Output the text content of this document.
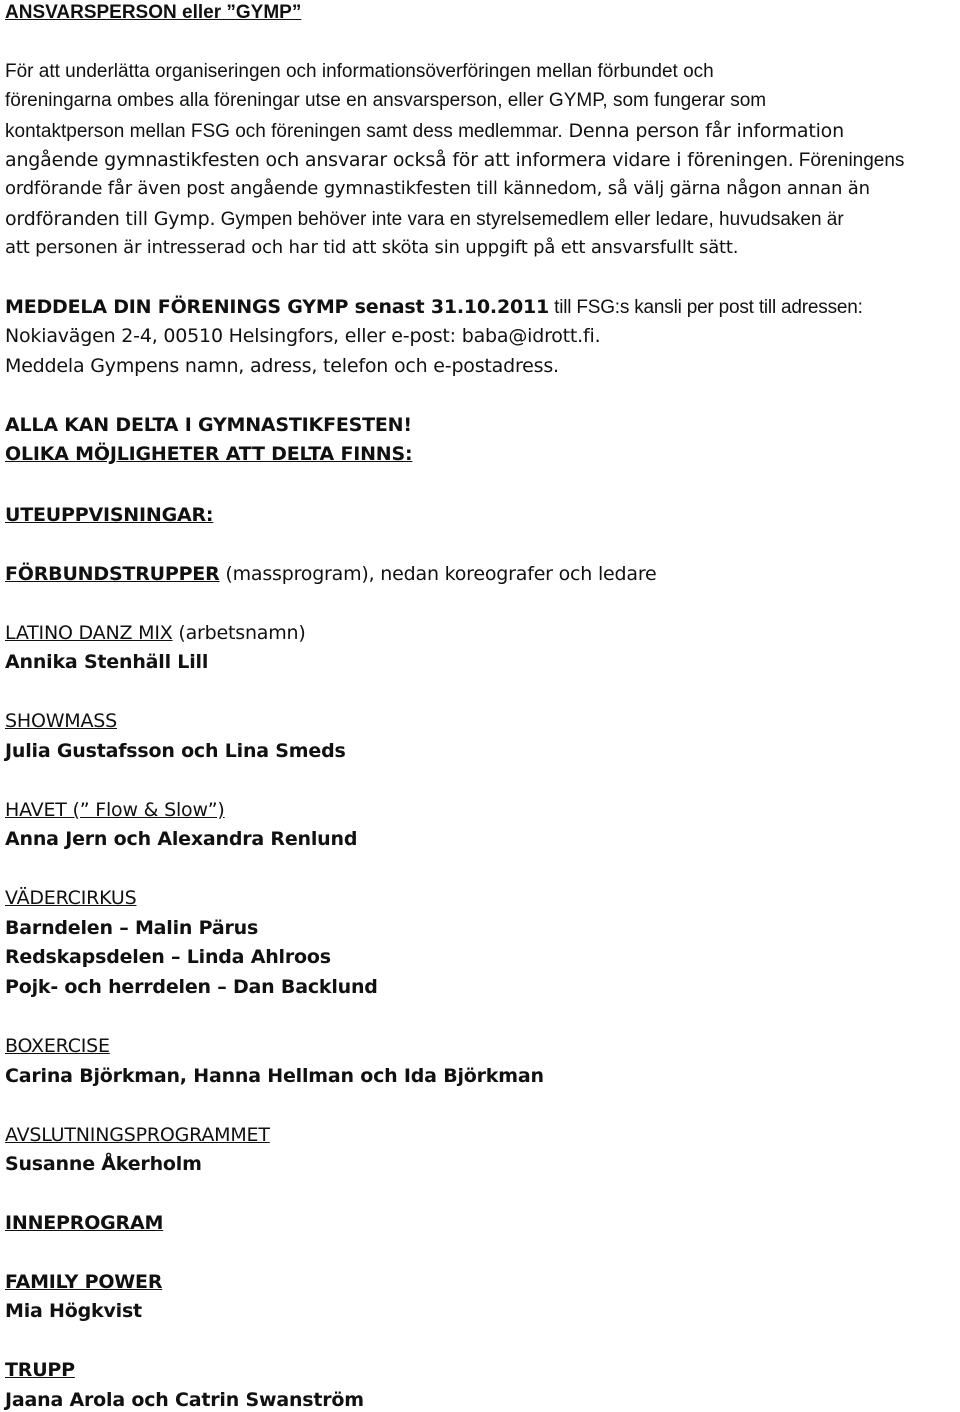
ANSVARSPERSON eller ”GYMP”
För att underlätta organiseringen och informationsöverföringen mellan förbundet och
föreningarna ombes alla föreningar utse en ansvarsperson, eller GYMP, som fungerar som
kontaktperson mellan FSG och föreningen samt dess medlemmar. Denna person får information
angående gymnastikfesten och ansvarar också för att informera vidare i föreningen. Föreningens
ordförande får även post angående gymnastikfesten till kännedom, så välj gärna någon annan än
ordföranden till Gymp. Gympen behöver inte vara en styrelsemedlem eller ledare, huvudsaken är
att personen är intresserad och har tid att sköta sin uppgift på ett ansvarsfullt sätt.
MEDDELA DIN FÖRENINGS GYMP senast 31.10.2011 till FSG:s kansli per post till adressen:
Nokiavägen 2-4, 00510 Helsingfors, eller e-post: baba@idrott.fi.
Meddela Gympens namn, adress, telefon och e-postadress.
ALLA KAN DELTA I GYMNASTIKFESTEN!
OLIKA MÖJLIGHETER ATT DELTA FINNS:
UTEUPPVISNINGAR:
FÖRBUNDSTRUPPER (massprogram), nedan koreografer och ledare
LATINO DANZ MIX (arbetsnamn)
Annika Stenhäll Lill
SHOWMASS
Julia Gustafsson och Lina Smeds
HAVET (” Flow & Slow”)
Anna Jern och Alexandra Renlund
VÄDERCIRKUS
Barndelen – Malin Pärus
Redskapsdelen – Linda Ahlroos
Pojk- och herrdelen – Dan Backlund
BOXERCISE
Carina Björkman, Hanna Hellman och Ida Björkman
AVSLUTNINGSPROGRAMMET
Susanne Åkerholm
INNEPROGRAM
FAMILY POWER
Mia Högkvist
TRUPP
Jaana Arola och Catrin Swanström
